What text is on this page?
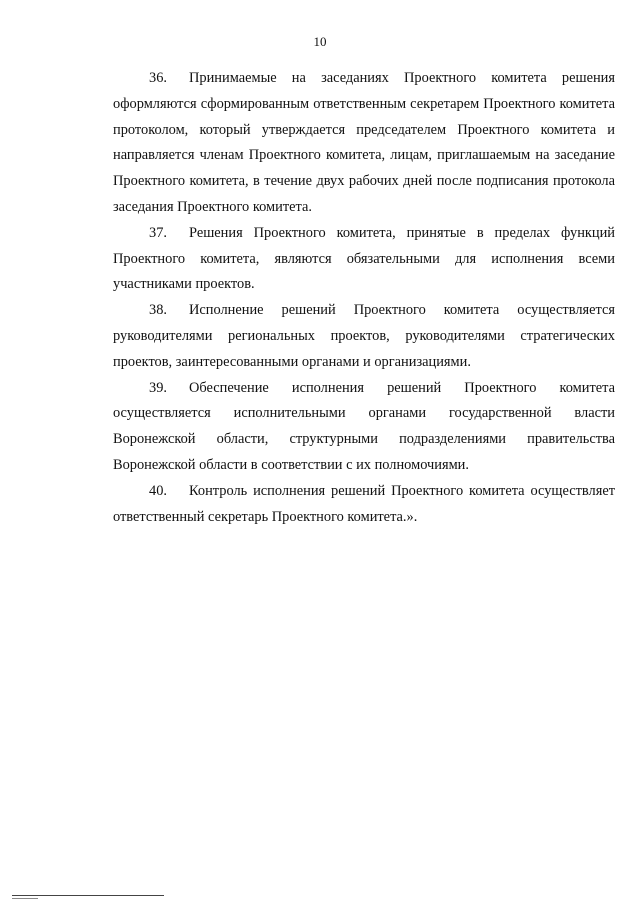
10

36. Принимаемые на заседаниях Проектного комитета решения оформляются сформированным ответственным секретарем Проектного комитета протоколом, который утверждается председателем Проектного комитета и направляется членам Проектного комитета, лицам, приглашаемым на заседание Проектного комитета, в течение двух рабочих дней после подписания протокола заседания Проектного комитета.

37. Решения Проектного комитета, принятые в пределах функций Проектного комитета, являются обязательными для исполнения всеми участниками проектов.

38. Исполнение решений Проектного комитета осуществляется руководителями региональных проектов, руководителями стратегических проектов, заинтересованными органами и организациями.

39. Обеспечение исполнения решений Проектного комитета осуществляется исполнительными органами государственной власти Воронежской области, структурными подразделениями правительства Воронежской области в соответствии с их полномочиями.

40. Контроль исполнения решений Проектного комитета осуществляет ответственный секретарь Проектного комитета.».
